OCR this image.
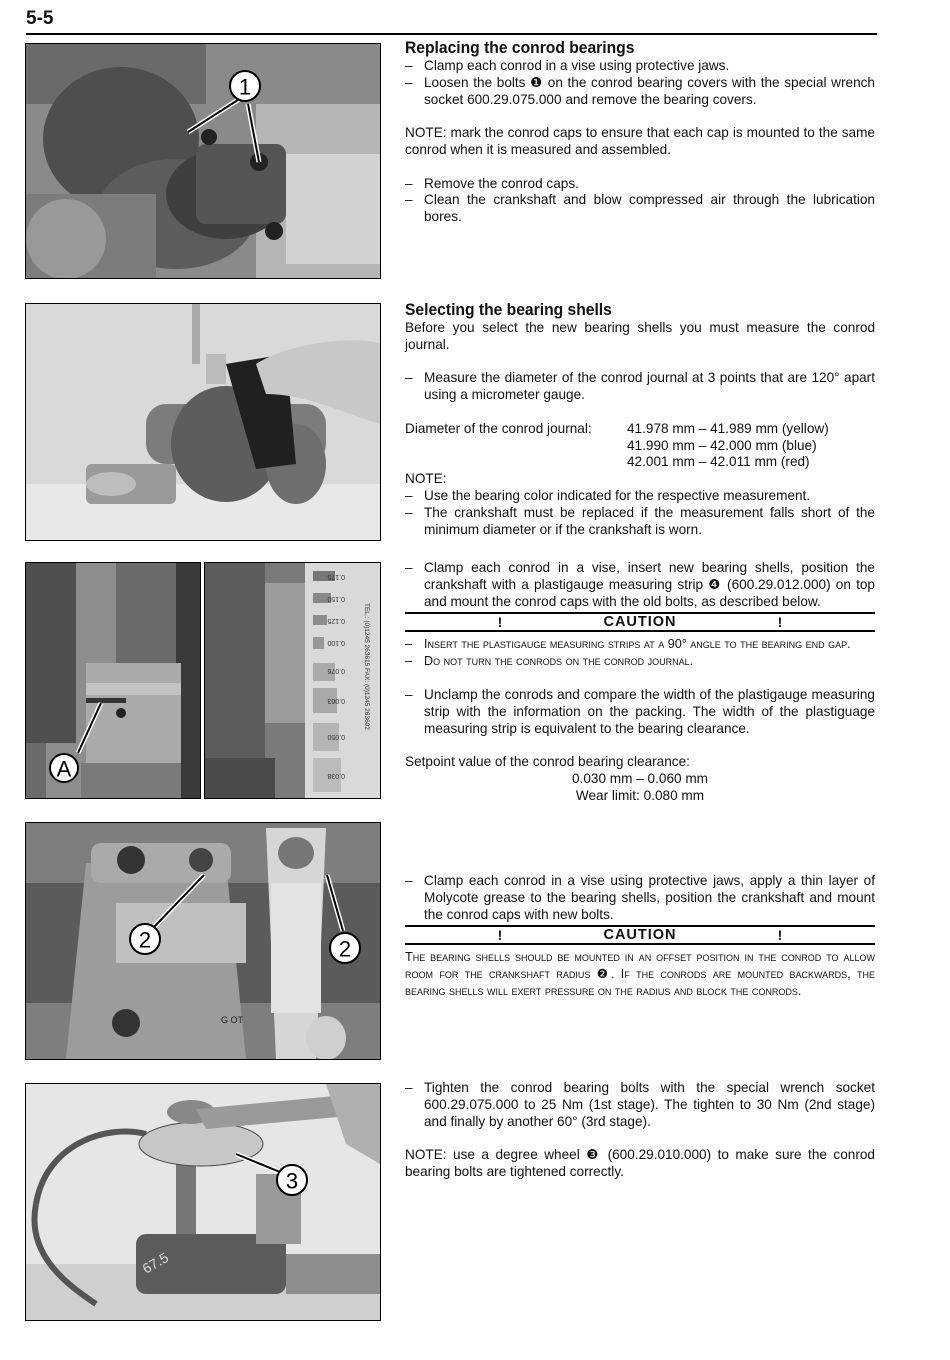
5-5
1
A
0.175
0.150
0.125
0.100
0.076
0.063
0.050
0.038
TEL.: (0)1245 263615 FAX: (0)1245 263602
G OT
2	2
67.5
3

Replacing the conrod bearings

– Clamp each conrod in a vise using protective jaws.

– Loosen the bolts ❶ on the conrod bearing covers with the special wrench socket 600.29.075.000 and remove the bearing covers.

NOTE: mark the conrod caps to ensure that each cap is mounted to the same conrod when it is measured and assembled.

– Remove the conrod caps.

– Clean the crankshaft and blow compressed air through the lubrication bores.

Selecting the bearing shells

Before you select the new bearing shells you must measure the conrod journal.

– Measure the diameter of the conrod journal at 3 points that are 120° apart using a micrometer gauge.

Diameter of the conrod journal:	41.978 mm – 41.989 mm (yellow)
41.990 mm – 42.000 mm (blue)
42.001 mm – 42.011 mm (red)

NOTE:

– Use the bearing color indicated for the respective measurement.

– The crankshaft must be replaced if the measurement falls short of the minimum diameter or if the crankshaft is worn.

– Clamp each conrod in a vise, insert new bearing shells, position the crankshaft with a plastigauge measuring strip ❹ (600.29.012.000) on top and mount the conrod caps with the old bolts, as described below.

!	CAUTION	!

– Insert the plastigauge measuring strips at a 90° angle to the bearing end gap.

– Do not turn the conrods on the conrod journal.

– Unclamp the conrods and compare the width of the plastigauge measuring strip with the information on the packing. The width of the plastiguage measuring strip is equivalent to the bearing clearance.

Setpoint value of the conrod bearing clearance:

0.030 mm – 0.060 mm

Wear limit: 0.080 mm

– Clamp each conrod in a vise using protective jaws, apply a thin layer of Molycote grease to the bearing shells, position the crankshaft and mount the conrod caps with new bolts.

!	CAUTION	!

The bearing shells should be mounted in an offset position in the conrod to allow room for the crankshaft radius ❷. If the conrods are mounted backwards, the bearing shells will exert pressure on the radius and block the conrods.

– Tighten the conrod bearing bolts with the special wrench socket 600.29.075.000 to 25 Nm (1st stage). The tighten to 30 Nm (2nd stage) and finally by another 60° (3rd stage).

NOTE: use a degree wheel ❸ (600.29.010.000) to make sure the conrod bearing bolts are tightened correctly.
